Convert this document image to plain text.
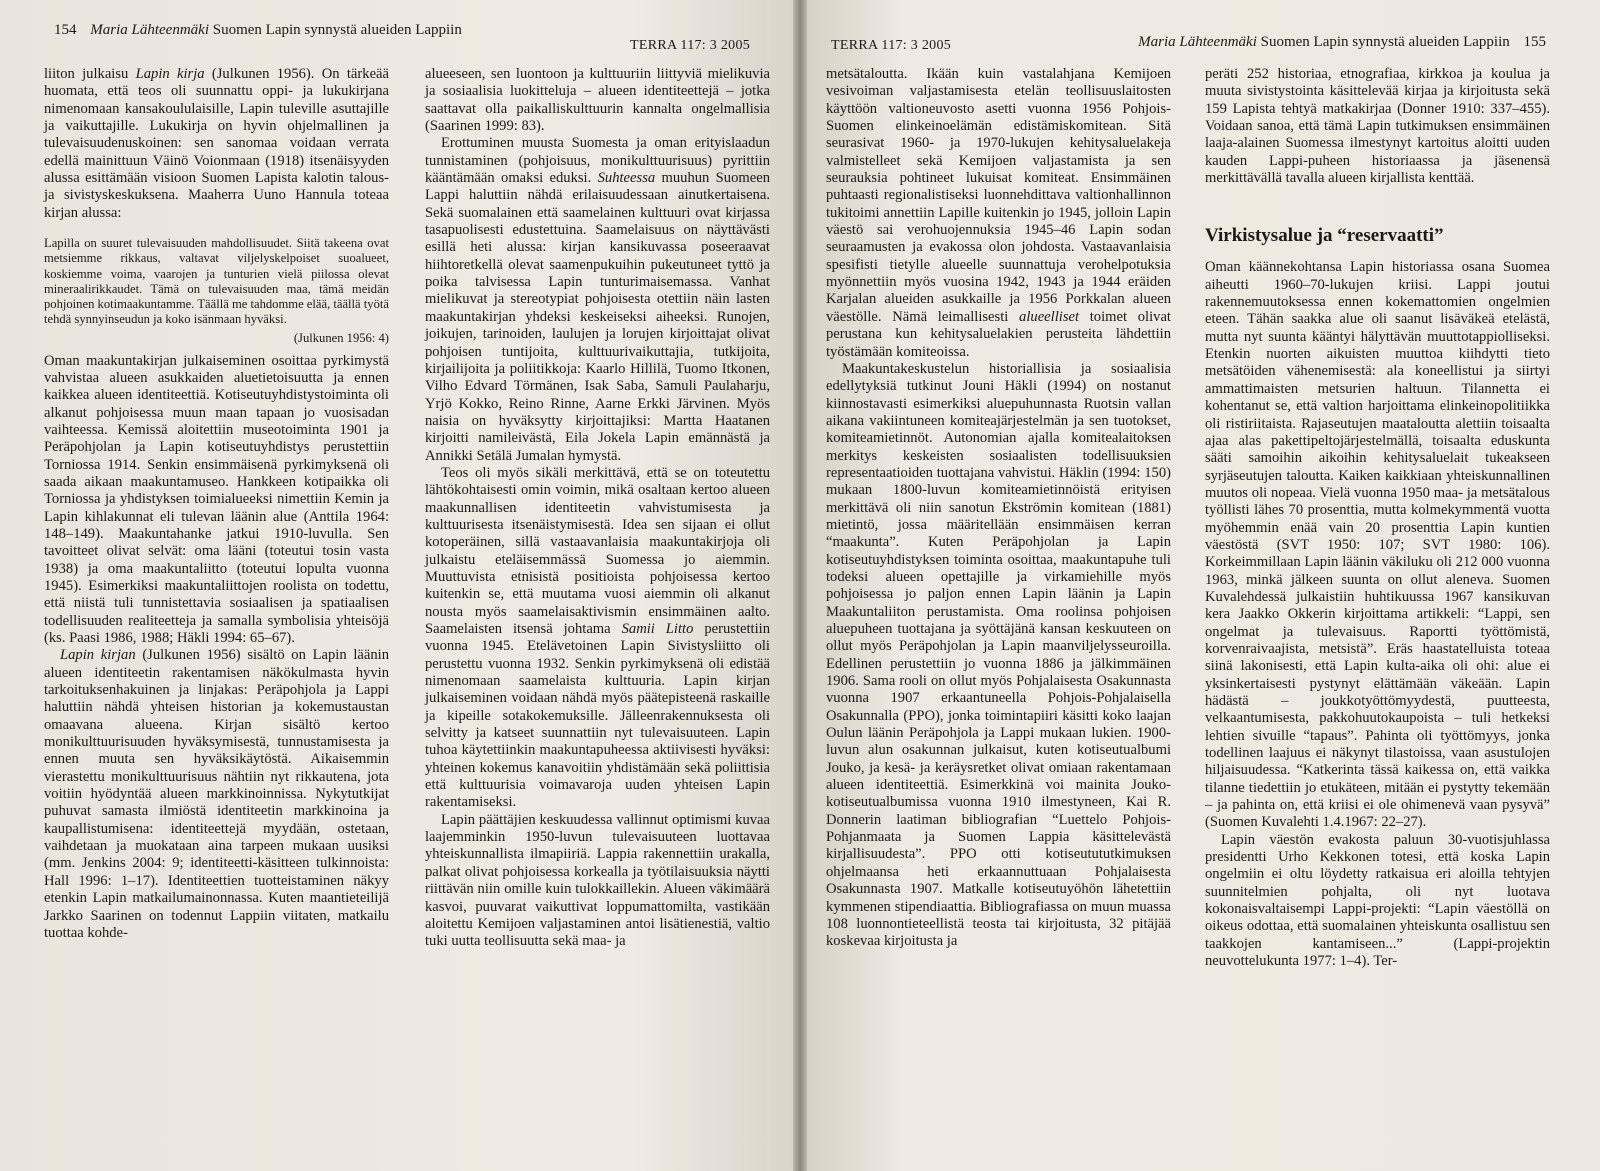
154 Maria Lähteenmäki Suomen Lapin synnystä alueiden Lappiin
TERRA 117: 3 2005

liiton julkaisu Lapin kirja (Julkunen 1956). On tärkeää huomata, että teos oli suunnattu oppi- ja lukukirjana nimenomaan kansakoululaisille, Lapin tuleville asuttajille ja vaikuttajille. Lukukirja on hyvin ohjelmallinen ja tulevaisuudenuskoinen: sen sanomaa voidaan verrata edellä mainittuun Väinö Voionmaan (1918) itsenäisyyden alussa esittämään visioon Suomen Lapista kalotin talous- ja sivistyskeskuksena. Maaherra Uuno Hannula toteaa kirjan alussa:

Lapilla on suuret tulevaisuuden mahdollisuudet. Siitä takeena ovat metsiemme rikkaus, valtavat viljelyskelpoiset suoalueet, koskiemme voima, vaarojen ja tunturien vielä piilossa olevat mineraalirikkaudet. Tämä on tulevaisuuden maa, tämä meidän pohjoinen kotimaakuntamme. Täällä me tahdomme elää, täällä työtä tehdä synnyinseudun ja koko isänmaan hyväksi.

(Julkunen 1956: 4)

Oman maakuntakirjan julkaiseminen osoittaa pyrkimystä vahvistaa alueen asukkaiden aluetietoisuutta ja ennen kaikkea alueen identiteettiä. Kotiseutuyhdistystoiminta oli alkanut pohjoisessa muun maan tapaan jo vuosisadan vaihteessa. Kemissä aloitettiin museotoiminta 1901 ja Peräpohjolan ja Lapin kotiseutuyhdistys perustettiin Torniossa 1914. Senkin ensimmäisenä pyrkimyksenä oli saada aikaan maakuntamuseo. Hankkeen kotipaikka oli Torniossa ja yhdistyksen toimialueeksi nimettiin Kemin ja Lapin kihlakunnat eli tulevan läänin alue (Anttila 1964: 148–149). Maakuntahanke jatkui 1910-luvulla. Sen tavoitteet olivat selvät: oma lääni (toteutui tosin vasta 1938) ja oma maakuntaliitto (toteutui lopulta vuonna 1945). Esimerkiksi maakuntaliittojen roolista on todettu, että niistä tuli tunnistettavia sosiaalisen ja spatiaalisen todellisuuden realiteetteja ja samalla symbolisia yhteisöjä (ks. Paasi 1986, 1988; Häkli 1994: 65–67).

Lapin kirjan (Julkunen 1956) sisältö on Lapin läänin alueen identiteetin rakentamisen näkökulmasta hyvin tarkoituksenhakuinen ja linjakas: Peräpohjola ja Lappi haluttiin nähdä yhteisen historian ja kokemustaustan omaavana alueena. Kirjan sisältö kertoo monikulttuurisuuden hyväksymisestä, tunnustamisesta ja ennen muuta sen hyväksikäytöstä. Aikaisemmin vierastettu monikulttuurisuus nähtiin nyt rikkautena, jota voitiin hyödyntää alueen markkinoinnissa. Nykytutkijat puhuvat samasta ilmiöstä identiteetin markkinoina ja kaupallistumisena: identiteettejä myydään, ostetaan, vaihdetaan ja muokataan aina tarpeen mukaan uusiksi (mm. Jenkins 2004: 9; identiteetti-käsitteen tulkinnoista: Hall 1996: 1–17). Identiteettien tuotteistaminen näkyy etenkin Lapin matkailumainonnassa. Kuten maantieteilijä Jarkko Saarinen on todennut Lappiin viitaten, matkailu tuottaa kohde-

alueeseen, sen luontoon ja kulttuuriin liittyviä mielikuvia ja sosiaalisia luokitteluja – alueen identiteettejä – jotka saattavat olla paikalliskulttuurin kannalta ongelmallisia (Saarinen 1999: 83).

Erottuminen muusta Suomesta ja oman erityislaadun tunnistaminen (pohjoisuus, monikulttuurisuus) pyrittiin kääntämään omaksi eduksi. Suhteessa muuhun Suomeen Lappi haluttiin nähdä erilaisuudessaan ainutkertaisena. Sekä suomalainen että saamelainen kulttuuri ovat kirjassa tasapuolisesti edustettuina. Saamelaisuus on näyttävästi esillä heti alussa: kirjan kansikuvassa poseeraavat hiihtoretkellä olevat saamenpukuihin pukeutuneet tyttö ja poika talvisessa Lapin tunturimaisemassa. Vanhat mielikuvat ja stereotypiat pohjoisesta otettiin näin lasten maakuntakirjan yhdeksi keskeiseksi aiheeksi. Runojen, joikujen, tarinoiden, laulujen ja lorujen kirjoittajat olivat pohjoisen tuntijoita, kulttuurivaikuttajia, tutkijoita, kirjailijoita ja poliitikkoja: Kaarlo Hillilä, Tuomo Itkonen, Vilho Edvard Törmänen, Isak Saba, Samuli Paulaharju, Yrjö Kokko, Reino Rinne, Aarne Erkki Järvinen. Myös naisia on hyväksytty kirjoittajiksi: Martta Haatanen kirjoitti namileivästä, Eila Jokela Lapin emännästä ja Annikki Setälä Jumalan hymystä.

Teos oli myös sikäli merkittävä, että se on toteutettu lähtökohtaisesti omin voimin, mikä osaltaan kertoo alueen maakunnallisen identiteetin vahvistumisesta ja kulttuurisesta itsenäistymisestä. Idea sen sijaan ei ollut kotoperäinen, sillä vastaavanlaisia maakuntakirjoja oli julkaistu eteläisemmässä Suomessa jo aiemmin. Muuttuvista etnisistä positioista pohjoisessa kertoo kuitenkin se, että muutama vuosi aiemmin oli alkanut nousta myös saamelaisaktivismin ensimmäinen aalto. Saamelaisten itsensä johtama Samii Litto perustettiin vuonna 1945. Etelävetoinen Lapin Sivistysliitto oli perustettu vuonna 1932. Senkin pyrkimyksenä oli edistää nimenomaan saamelaista kulttuuria. Lapin kirjan julkaiseminen voidaan nähdä myös päätepisteenä raskaille ja kipeille sotakokemuksille. Jälleenrakennuksesta oli selvitty ja katseet suunnattiin nyt tulevaisuuteen. Lapin tuhoa käytettiinkin maakuntapuheessa aktiivisesti hyväksi: yhteinen kokemus kanavoitiin yhdistämään sekä poliittisia että kulttuurisia voimavaroja uuden yhteisen Lapin rakentamiseksi.

Lapin päättäjien keskuudessa vallinnut optimismi kuvaa laajemminkin 1950-luvun tulevaisuuteen luottavaa yhteiskunnallista ilmapiiriä. Lappia rakennettiin urakalla, palkat olivat pohjoisessa korkealla ja työtilaisuuksia näytti riittävän niin omille kuin tulokkaillekin. Alueen väkimäärä kasvoi, puuvarat vaikuttivat loppumattomilta, vastikään aloitettu Kemijoen valjastaminen antoi lisätienestiä, valtio tuki uutta teollisuutta sekä maa- ja

TERRA 117: 3 2005	Maria Lähteenmäki Suomen Lapin synnystä alueiden Lappiin 155

metsätaloutta. Ikään kuin vastalahjana Kemijoen vesivoiman valjastamisesta etelän teollisuuslaitosten käyttöön valtioneuvosto asetti vuonna 1956 Pohjois-Suomen elinkeinoelämän edistämiskomitean. Sitä seurasivat 1960- ja 1970-lukujen kehitysaluelakeja valmistelleet sekä Kemijoen valjastamista ja sen seurauksia pohtineet lukuisat komiteat. Ensimmäinen puhtaasti regionalistiseksi luonnehdittava valtionhallinnon tukitoimi annettiin Lapille kuitenkin jo 1945, jolloin Lapin väestö sai verohuojennuksia 1945–46 Lapin sodan seuraamusten ja evakossa olon johdosta. Vastaavanlaisia spesifisti tietylle alueelle suunnattuja verohelpotuksia myönnettiin myös vuosina 1942, 1943 ja 1944 eräiden Karjalan alueiden asukkaille ja 1956 Porkkalan alueen väestölle. Nämä leimallisesti alueelliset toimet olivat perustana kun kehitysaluelakien perusteita lähdettiin työstämään komiteoissa.

Maakuntakeskustelun historiallisia ja sosiaalisia edellytyksiä tutkinut Jouni Häkli (1994) on nostanut kiinnostavasti esimerkiksi aluepuhunnasta Ruotsin vallan aikana vakiintuneen komiteajärjestelmän ja sen tuotokset, komiteamietinnöt. Autonomian ajalla komitealaitoksen merkitys keskeisten sosiaalisten todellisuuksien representaatioiden tuottajana vahvistui. Häklin (1994: 150) mukaan 1800-luvun komiteamietinnöistä erityisen merkittävä oli niin sanotun Ekströmin komitean (1881) mietintö, jossa määritellään ensimmäisen kerran “maakunta”. Kuten Peräpohjolan ja Lapin kotiseutuyhdistyksen toiminta osoittaa, maakuntapuhe tuli todeksi alueen opettajille ja virkamiehille myös pohjoisessa jo paljon ennen Lapin läänin ja Lapin Maakuntaliiton perustamista. Oma roolinsa pohjoisen aluepuheen tuottajana ja syöttäjänä kansan keskuuteen on ollut myös Peräpohjolan ja Lapin maanviljelysseuroilla. Edellinen perustettiin jo vuonna 1886 ja jälkimmäinen 1906. Sama rooli on ollut myös Pohjalaisesta Osakunnasta vuonna 1907 erkaantuneella Pohjois-Pohjalaisella Osakunnalla (PPO), jonka toimintapiiri käsitti koko laajan Oulun läänin Peräpohjola ja Lappi mukaan lukien. 1900-luvun alun osakunnan julkaisut, kuten kotiseutualbumi Jouko, ja kesä- ja keräysretket olivat omiaan rakentamaan alueen identiteettiä. Esimerkkinä voi mainita Jouko-kotiseutualbumissa vuonna 1910 ilmestyneen, Kai R. Donnerin laatiman bibliografian “Luettelo Pohjois-Pohjanmaata ja Suomen Lappia käsittelevästä kirjallisuudesta”. PPO otti kotiseutututkimuksen ohjelmaansa heti erkaannuttuaan Pohjalaisesta Osakunnasta 1907. Matkalle kotiseutuyöhön lähetettiin kymmenen stipendiaattia. Bibliografiassa on muun muassa 108 luonnontieteellistä teosta tai kirjoitusta, 32 pitäjää koskevaa kirjoitusta ja

peräti 252 historiaa, etnografiaa, kirkkoa ja koulua ja muuta sivistystointa käsittelevää kirjaa ja kirjoitusta sekä 159 Lapista tehtyä matkakirjaa (Donner 1910: 337–455). Voidaan sanoa, että tämä Lapin tutkimuksen ensimmäinen laaja-alainen Suomessa ilmestynyt kartoitus aloitti uuden kauden Lappi-puheen historiaassa ja jäsenensä merkittävällä tavalla alueen kirjallista kenttää.

Virkistysalue ja “reservaatti”

Oman käännekohtansa Lapin historiassa osana Suomea aiheutti 1960–70-lukujen kriisi. Lappi joutui rakennemuutoksessa ennen kokemattomien ongelmien eteen. Tähän saakka alue oli saanut lisäväkeä etelästä, mutta nyt suunta kääntyi hälyttävän muuttotappiolliseksi. Etenkin nuorten aikuisten muuttoa kiihdytti tieto metsätöiden vähenemisestä: ala koneellistui ja siirtyi ammattimaisten metsurien haltuun. Tilannetta ei kohentanut se, että valtion harjoittama elinkeinopolitiikka oli ristiriitaista. Rajaseutujen maataloutta alettiin toisaalta ajaa alas pakettipeltojärjestelmällä, toisaalta eduskunta sääti samoihin aikoihin kehitysaluelait tukeakseen syrjäseutujen taloutta. Kaiken kaikkiaan yhteiskunnallinen muutos oli nopeaa. Vielä vuonna 1950 maa- ja metsätalous työllisti lähes 70 prosenttia, mutta kolmekymmentä vuotta myöhemmin enää vain 20 prosenttia Lapin kuntien väestöstä (SVT 1950: 107; SVT 1980: 106). Korkeimmillaan Lapin läänin väkiluku oli 212 000 vuonna 1963, minkä jälkeen suunta on ollut aleneva. Suomen Kuvalehdessä julkaistiin huhtikuussa 1967 kansikuvan kera Jaakko Okkerin kirjoittama artikkeli: “Lappi, sen ongelmat ja tulevaisuus. Raportti työttömistä, korvenraivaajista, metsistä”. Eräs haastatelluista toteaa siinä lakonisesti, että Lapin kulta-aika oli ohi: alue ei yksinkertaisesti pystynyt elättämään väkeään. Lapin hädästä – joukkotyöttömyydestä, puutteesta, velkaantumisesta, pakkohuutokaupoista – tuli hetkeksi lehtien sivuille “tapaus”. Pahinta oli työttömyys, jonka todellinen laajuus ei näkynyt tilastoissa, vaan asustulojen hiljaisuudessa. “Katkerinta tässä kaikessa on, että vaikka tilanne tiedettiin jo etukäteen, mitään ei pystytty tekemään – ja pahinta on, että kriisi ei ole ohimenevä vaan pysyvä” (Suomen Kuvalehti 1.4.1967: 22–27).

Lapin väestön evakosta paluun 30-vuotisjuhlassa presidentti Urho Kekkonen totesi, että koska Lapin ongelmiin ei oltu löydetty ratkaisua eri aloilla tehtyjen suunnitelmien pohjalta, oli nyt luotava kokonaisvaltaisempi Lappi-projekti: “Lapin väestöllä on oikeus odottaa, että suomalainen yhteiskunta osallistuu sen taakkojen kantamiseen...” (Lappi-projektin neuvottelukunta 1977: 1–4). Ter-
